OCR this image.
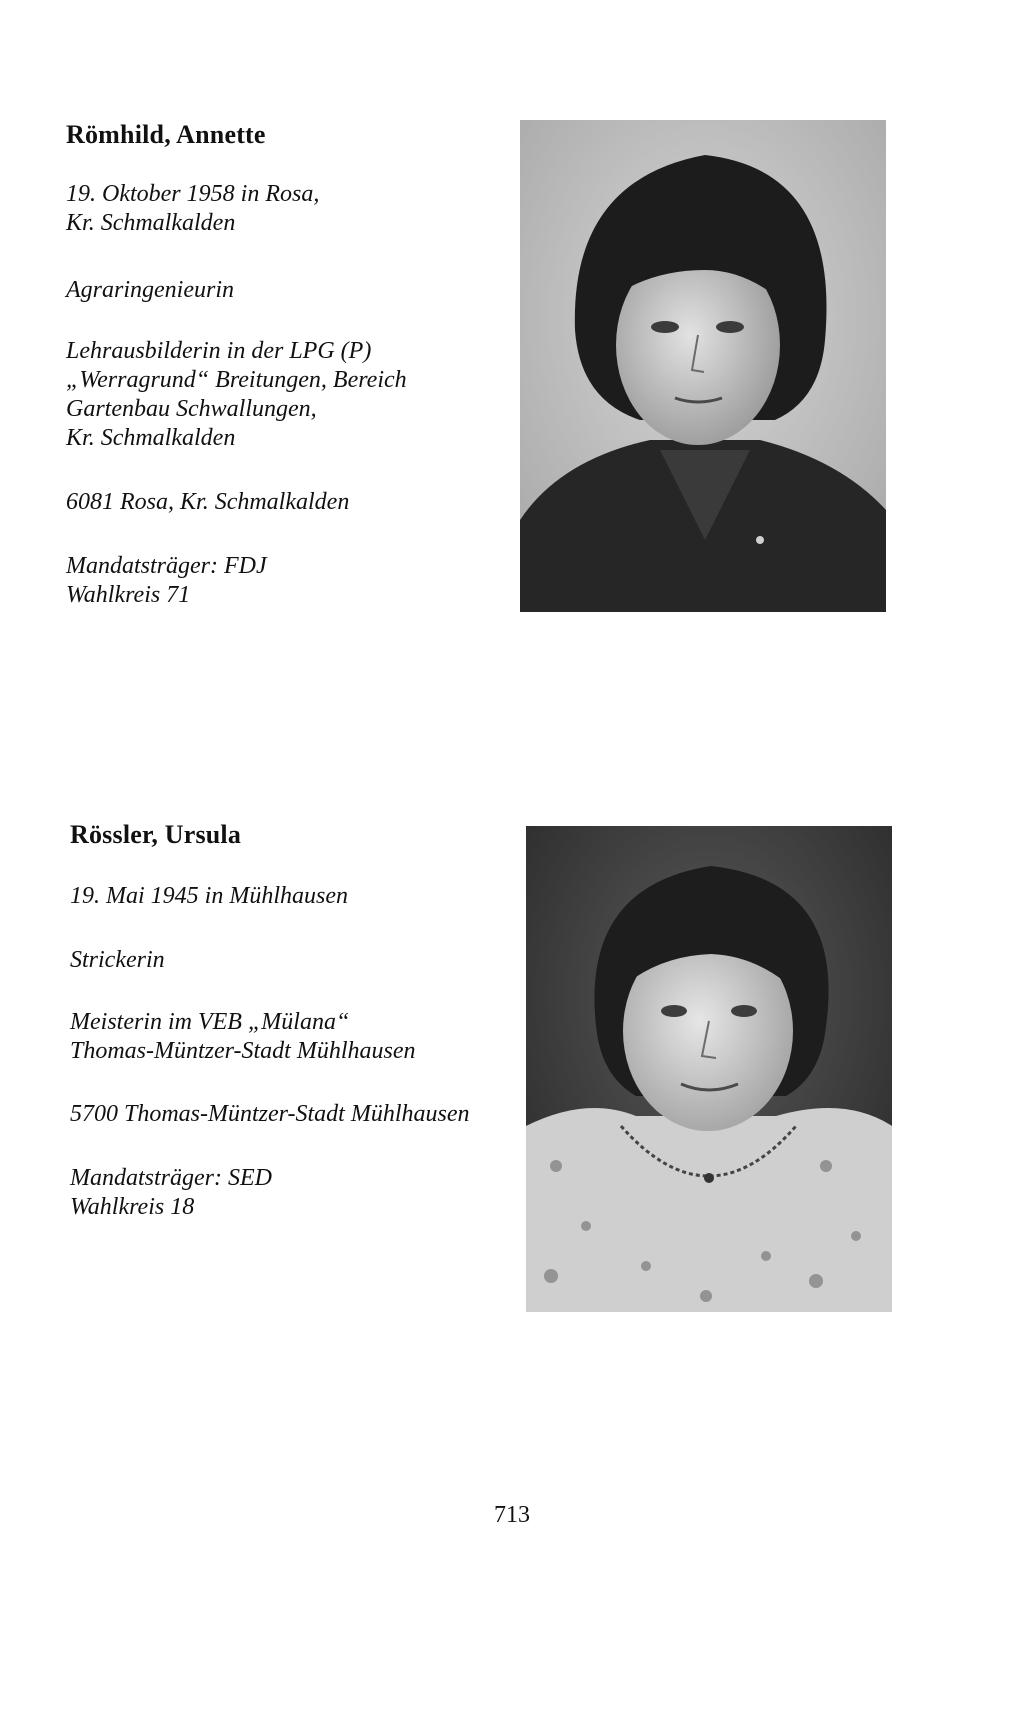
Römhild, Annette
19. Oktober 1958 in Rosa,
Kr. Schmalkalden
Agraringenieurin
Lehrausbilderin in der LPG (P)
„Werragrund“ Breitungen, Bereich
Gartenbau Schwallungen,
Kr. Schmalkalden
6081 Rosa, Kr. Schmalkalden
Mandatsträger: FDJ
Wahlkreis 71
Rössler, Ursula
19. Mai 1945 in Mühlhausen
Strickerin
Meisterin im VEB „Mülana“
Thomas-Müntzer-Stadt Mühlhausen
5700 Thomas-Müntzer-Stadt Mühlhausen
Mandatsträger: SED
Wahlkreis 18
713
